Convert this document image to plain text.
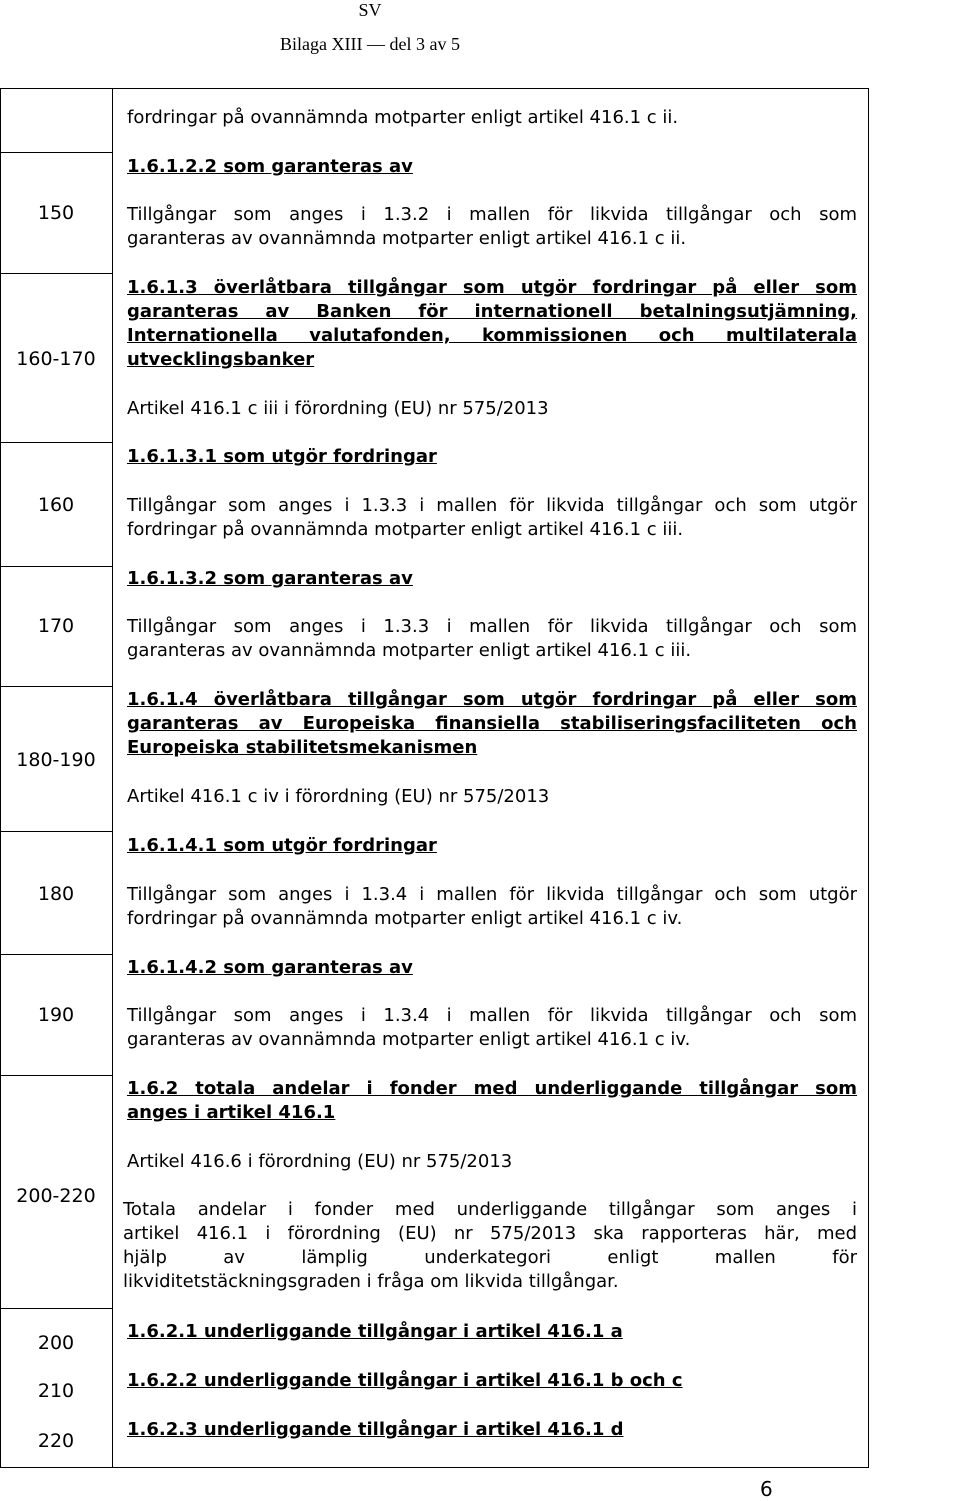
SV
Bilaga XIII — del 3 av 5
150
160-170
160
170
180-190
180
190
200-220
200
210
220
fordringar på ovannämnda motparter enligt artikel 416.1 c ii.
1.6.1.2.2 som garanteras av
Tillgångar som anges i 1.3.2 i mallen för likvida tillgångar och som
garanteras av ovannämnda motparter enligt artikel 416.1 c ii.
1.6.1.3 överlåtbara tillgångar som utgör fordringar på eller som
garanteras av Banken för internationell betalningsutjämning,
Internationella valutafonden, kommissionen och multilaterala
utvecklingsbanker
Artikel 416.1 c iii i förordning (EU) nr 575/2013
1.6.1.3.1 som utgör fordringar
Tillgångar som anges i 1.3.3 i mallen för likvida tillgångar och som utgör
fordringar på ovannämnda motparter enligt artikel 416.1 c iii.
1.6.1.3.2 som garanteras av
Tillgångar som anges i 1.3.3 i mallen för likvida tillgångar och som
garanteras av ovannämnda motparter enligt artikel 416.1 c iii.
1.6.1.4 överlåtbara tillgångar som utgör fordringar på eller som
garanteras av Europeiska finansiella stabiliseringsfaciliteten och
Europeiska stabilitetsmekanismen
Artikel 416.1 c iv i förordning (EU) nr 575/2013
1.6.1.4.1 som utgör fordringar
Tillgångar som anges i 1.3.4 i mallen för likvida tillgångar och som utgör
fordringar på ovannämnda motparter enligt artikel 416.1 c iv.
1.6.1.4.2 som garanteras av
Tillgångar som anges i 1.3.4 i mallen för likvida tillgångar och som
garanteras av ovannämnda motparter enligt artikel 416.1 c iv.
1.6.2 totala andelar i fonder med underliggande tillgångar som
anges i artikel 416.1
Artikel 416.6 i förordning (EU) nr 575/2013
Totala andelar i fonder med underliggande tillgångar som anges i
artikel 416.1 i förordning (EU) nr 575/2013 ska rapporteras här, med
hjälp av lämplig underkategori enligt mallen för
likviditetstäckningsgraden i fråga om likvida tillgångar.
1.6.2.1 underliggande tillgångar i artikel 416.1 a
1.6.2.2 underliggande tillgångar i artikel 416.1 b och c
1.6.2.3 underliggande tillgångar i artikel 416.1 d
6
